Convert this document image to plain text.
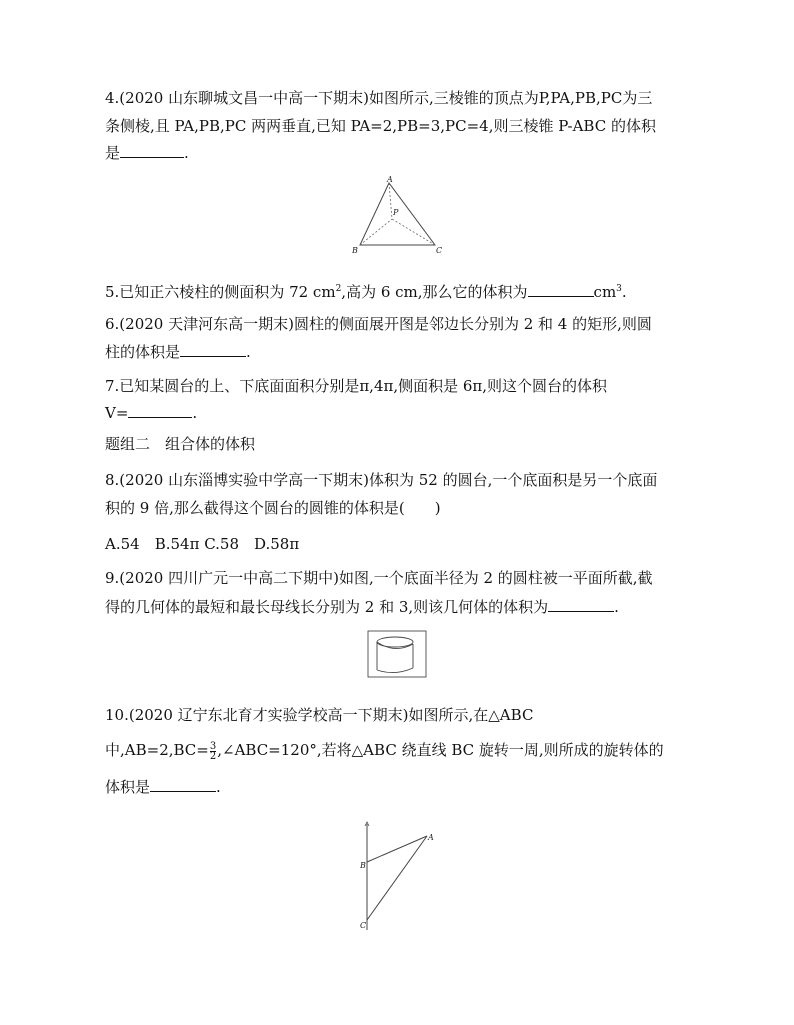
4.(2020 山东聊城文昌一中高一下期末)如图所示,三棱锥的顶点为P,PA,PB,PC为三
条侧棱,且 PA,PB,PC 两两垂直,已知 PA=2,PB=3,PC=4,则三棱锥 P-ABC 的体积
是	.
A
P
B	C
5.已知正六棱柱的侧面积为 72 $cm^2$,高为 6 cm,那么它的体积为	$cm^3$.
6.(2020 天津河东高一期末)圆柱的侧面展开图是邻边长分别为 2 和 4 的矩形,则圆
柱的体积是	.
7.已知某圆台的上、下底面面积分别是π,4π,侧面积是 6π,则这个圆台的体积
V=	.
题组二　组合体的体积
8.(2020 山东淄博实验中学高一下期末)体积为 52 的圆台,一个底面积是另一个底面
积的 9 倍,那么截得这个圆台的圆锥的体积是(　　)
A.54　B.54π C.58　D.58π
9.(2020 四川广元一中高二下期中)如图,一个底面半径为 2 的圆柱被一平面所截,截
得的几何体的最短和最长母线长分别为 2 和 3,则该几何体的体积为	.
10.(2020 辽宁东北育才实验学校高一下期末)如图所示,在△ABC
中$,AB=2,BC= \frac{3}{2}$ ,∠ABC=120°,若将△ABC 绕直线 BC 旋转一周,则所成的旋转体的
体积是	.
A
B
C
